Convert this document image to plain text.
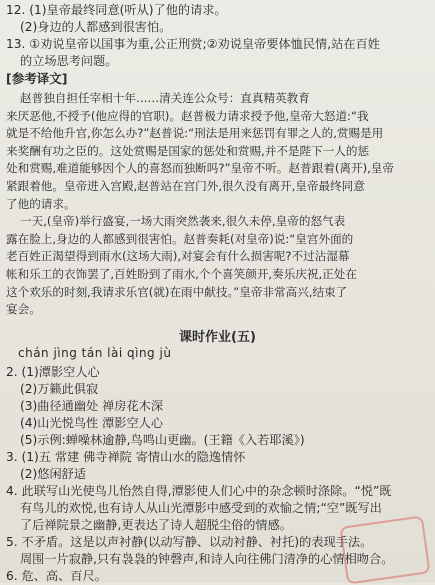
12. (1)皇帝最终同意(听从)了他的请求。

(2)身边的人都感到很害怕。

13. ①劝说皇帝以国事为重,公正刑赏;②劝说皇帝要体恤民情,站在百姓

的立场思考问题。

[参考译文]

赵普独自担任宰相十年……清关连公众号：直真精英教育
来厌恶他,不授予(他应得的官职)。赵普极力请求授予他,皇帝大怒道:“我
就是不给他升官,你怎么办?”赵普说:“刑法是用来惩罚有罪之人的,赏赐是用
来奖酬有功之臣的。这处赏赐是国家的惩处和赏赐,并不是陛下一人的惩
处和赏赐,难道能够因个人的喜怒而独断吗?”皇帝不听。赵普跟着(离开),皇帝
紧跟着他。皇帝进入宫殿,赵普站在宫门外,很久没有离开,皇帝最终同意
了他的请求。
一天,(皇帝)举行盛宴,一场大雨突然袭来,很久未停,皇帝的怒气表
露在脸上,身边的人都感到很害怕。赵普奏耗(对皇帝)说:“皇宫外面的
老百姓正渴望得到雨水(这场大雨),对宴会有什么损害呢?不过沾湿幕
帐和乐工的衣饰罢了,百姓盼到了雨水,个个喜笑颜开,奏乐庆祝,正处在
这个欢乐的时刻,我请求乐官(就)在雨中献技。”皇帝非常高兴,结束了
宴会。
课时作业(五)
chán jìng tán lài qìng jù

2. (1)潭影空人心

(2)万籁此俱寂

(3)曲径通幽处 禅房花木深

(4)山光悦鸟性 潭影空人心

(5)示例:蝉噪林逾静,鸟鸣山更幽。(王籍《入若耶溪》)

3. (1)五 常建 佛寺禅院 寄情山水的隐逸情怀

(2)悠闲舒适

4. 此联写山光使鸟儿怡然自得,潭影使人们心中的杂念顿时涤除。“悦”既

有鸟儿的欢悦,也有诗人从山光潭影中感受到的欢愉之情;“空”既写出

了后禅院景之幽静,更表达了诗人超脱尘俗的情感。

5. 不矛盾。这是以声衬静(以动写静、以动衬静、衬托)的表现手法。

周围一片寂静,只有袅袅的钟磬声,和诗人向往佛门清净的心情相吻合。

6. 危、高、百尺。
